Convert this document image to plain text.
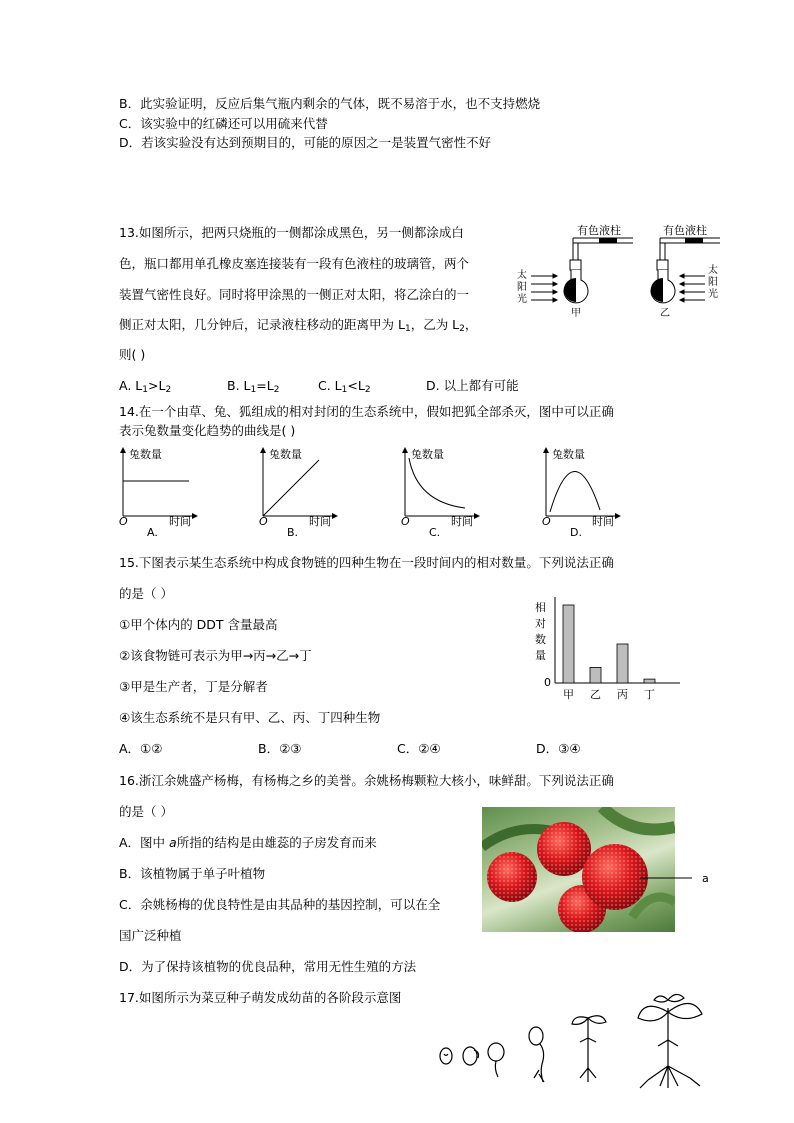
B．此实验证明，反应后集气瓶内剩余的气体，既不易溶于水，也不支持燃烧
C．该实验中的红磷还可以用硫来代替
D．若该实验没有达到预期目的，可能的原因之一是装置气密性不好
13.如图所示，把两只烧瓶的一侧都涂成黑色，另一侧都涂成白
色，瓶口都用单孔橡皮塞连接装有一段有色液柱的玻璃管，两个
装置气密性良好。同时将甲涂黑的一侧正对太阳，将乙涂白的一
侧正对太阳，几分钟后，记录液柱移动的距离甲为 $L_1$，乙为 $L_2$，
则( )
A. $L_1>L_2$	B. $L_1=L_2$	C. $L_1<L_2$	D. 以上都有可能
有色液柱
甲
太
阳
光
有色液柱
乙
太
阳
光
14.在一个由草、兔、狐组成的相对封闭的生态系统中，假如把狐全部杀灭，图中可以正确
表示兔数量变化趋势的曲线是( )
兔数量
时间
O
A.
兔数量
时间
O
B.
兔数量
时间
O
C.
兔数量
时间
O
D.
15.下图表示某生态系统中构成食物链的四种生物在一段时间内的相对数量。下列说法正确
的是（ ）
①甲个体内的 DDT 含量最高
②该食物链可表示为甲→丙→乙→丁
③甲是生产者，丁是分解者
④该生态系统不是只有甲、乙、丙、丁四种生物
A．①②	B．②③	C．②④	D．③④
相
对
数
量
0
甲 乙 丙 丁
16.浙江余姚盛产杨梅，有杨梅之乡的美誉。余姚杨梅颗粒大核小，味鲜甜。下列说法正确
的是（ ）
A．图中 a所指的结构是由雄蕊的子房发育而来
B．该植物属于单子叶植物
C．余姚杨梅的优良特性是由其品种的基因控制，可以在全
国广泛种植
D．为了保持该植物的优良品种，常用无性生殖的方法
a
17.如图所示为菜豆种子萌发成幼苗的各阶段示意图
